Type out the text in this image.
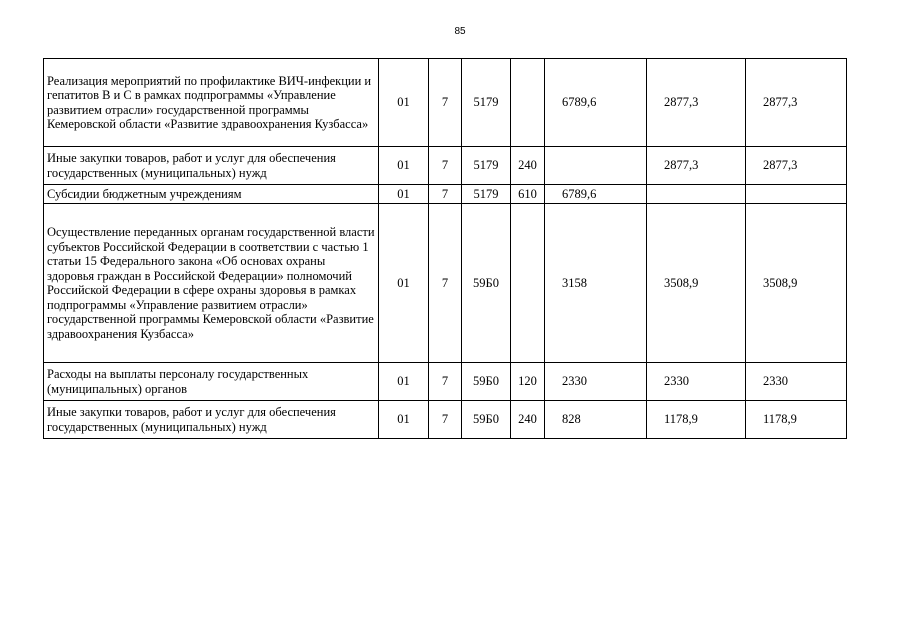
85
Реализация мероприятий по профилактике ВИЧ-инфекции и гепатитов В и С в рамках подпрограммы «Управление развитием отрасли» государственной программы Кемеровской области «Развитие здравоохранения Кузбасса»	01	7	5179		6789,6	2877,3	2877,3
Иные закупки товаров, работ и услуг для обеспечения государственных (муниципальных) нужд	01	7	5179	240		2877,3	2877,3
Субсидии бюджетным учреждениям	01	7	5179	610	6789,6		
Осуществление переданных органам государственной власти субъектов Российской Федерации в соответствии с частью 1 статьи 15 Федерального закона «Об основах охраны здоровья граждан в Российской Федерации» полномочий Российской Федерации в сфере охраны здоровья в рамках подпрограммы «Управление развитием отрасли» государственной программы Кемеровской области «Развитие здравоохранения Кузбасса»	01	7	59Б0		3158	3508,9	3508,9
Расходы на выплаты персоналу государственных (муниципальных) органов	01	7	59Б0	120	2330	2330	2330
Иные закупки товаров, работ и услуг для обеспечения государственных (муниципальных) нужд	01	7	59Б0	240	828	1178,9	1178,9
